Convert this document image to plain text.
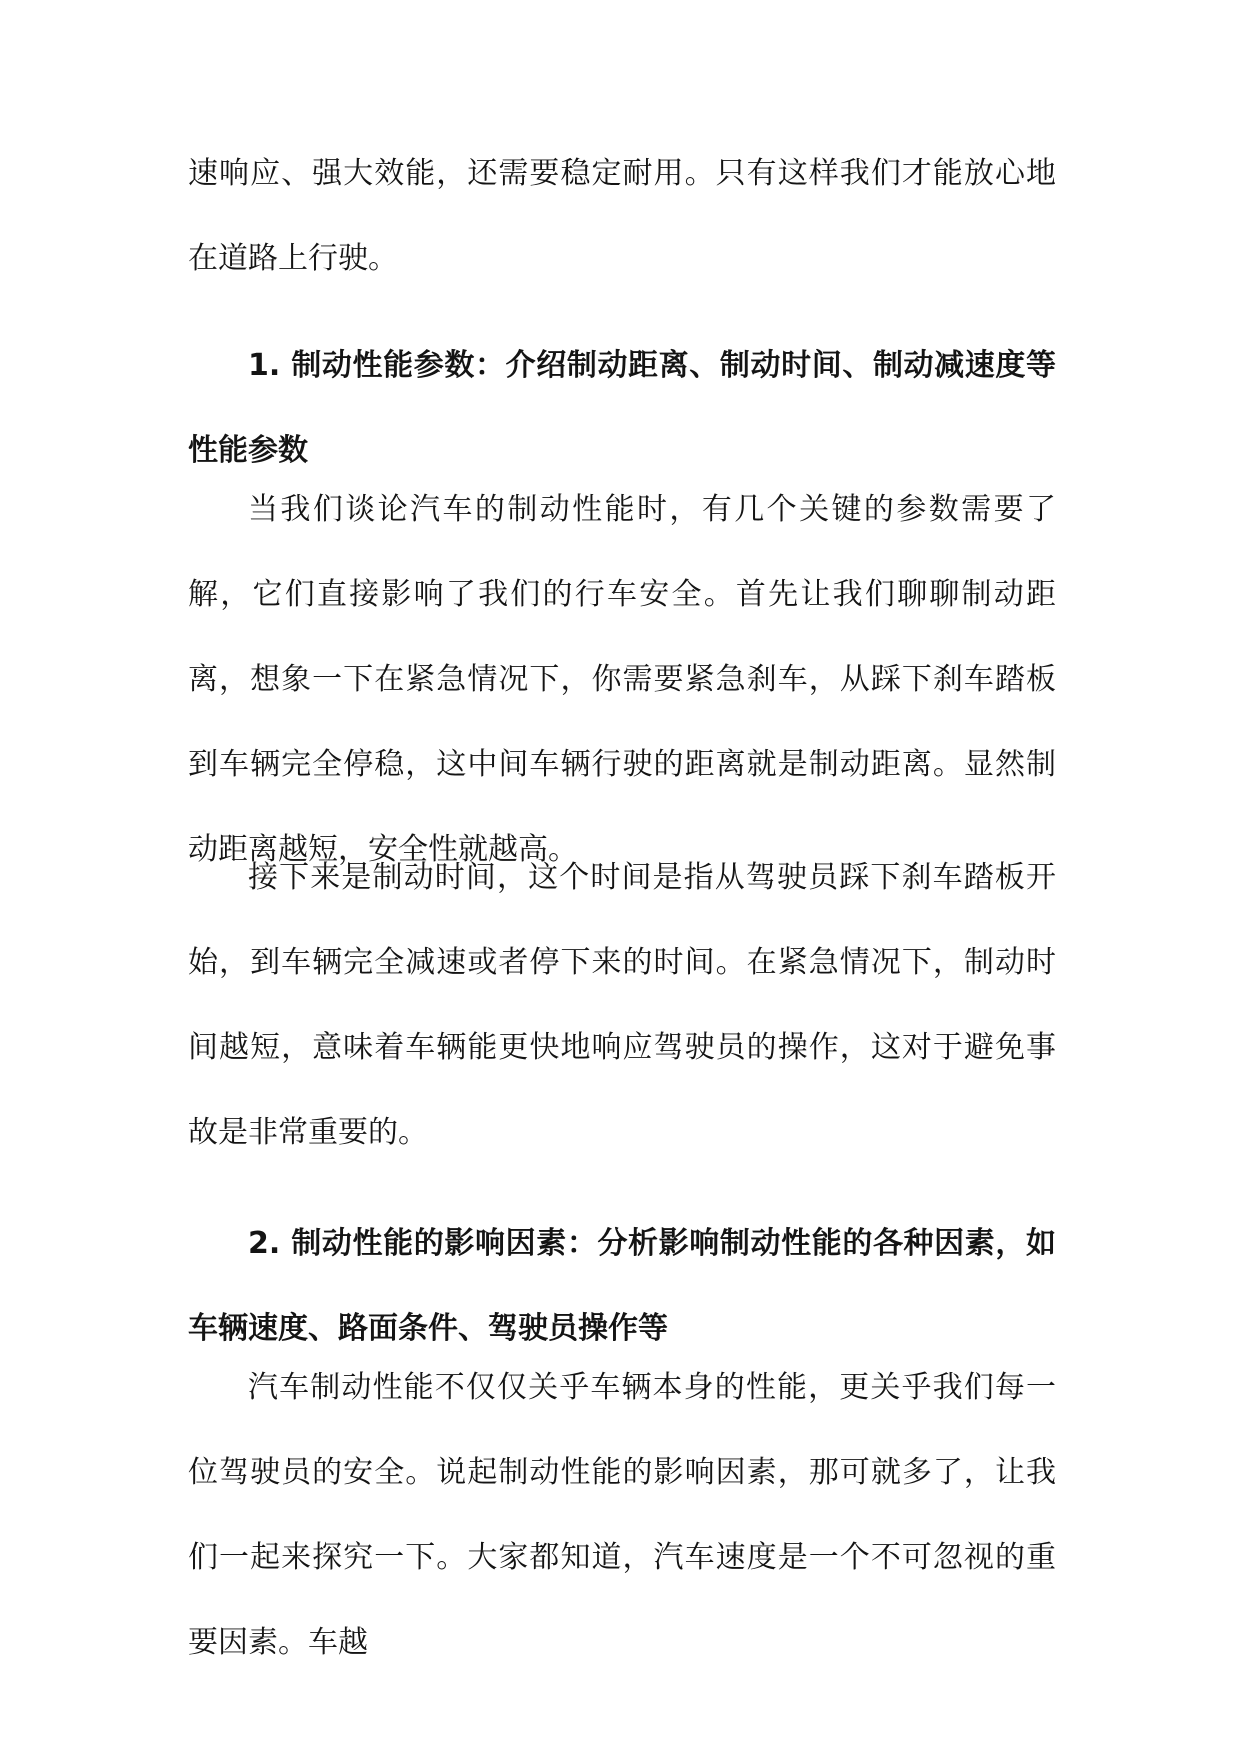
速响应、强大效能，还需要稳定耐用。只有这样我们才能放心地在道路上行驶。

1. 制动性能参数：介绍制动距离、制动时间、制动减速度等性能参数

当我们谈论汽车的制动性能时，有几个关键的参数需要了解，它们直接影响了我们的行车安全。首先让我们聊聊制动距离，想象一下在紧急情况下，你需要紧急刹车，从踩下刹车踏板到车辆完全停稳，这中间车辆行驶的距离就是制动距离。显然制动距离越短，安全性就越高。

接下来是制动时间，这个时间是指从驾驶员踩下刹车踏板开始，到车辆完全减速或者停下来的时间。在紧急情况下，制动时间越短，意味着车辆能更快地响应驾驶员的操作，这对于避免事故是非常重要的。

2. 制动性能的影响因素：分析影响制动性能的各种因素，如车辆速度、路面条件、驾驶员操作等

汽车制动性能不仅仅关乎车辆本身的性能，更关乎我们每一位驾驶员的安全。说起制动性能的影响因素，那可就多了，让我们一起来探究一下。大家都知道，汽车速度是一个不可忽视的重要因素。车越
